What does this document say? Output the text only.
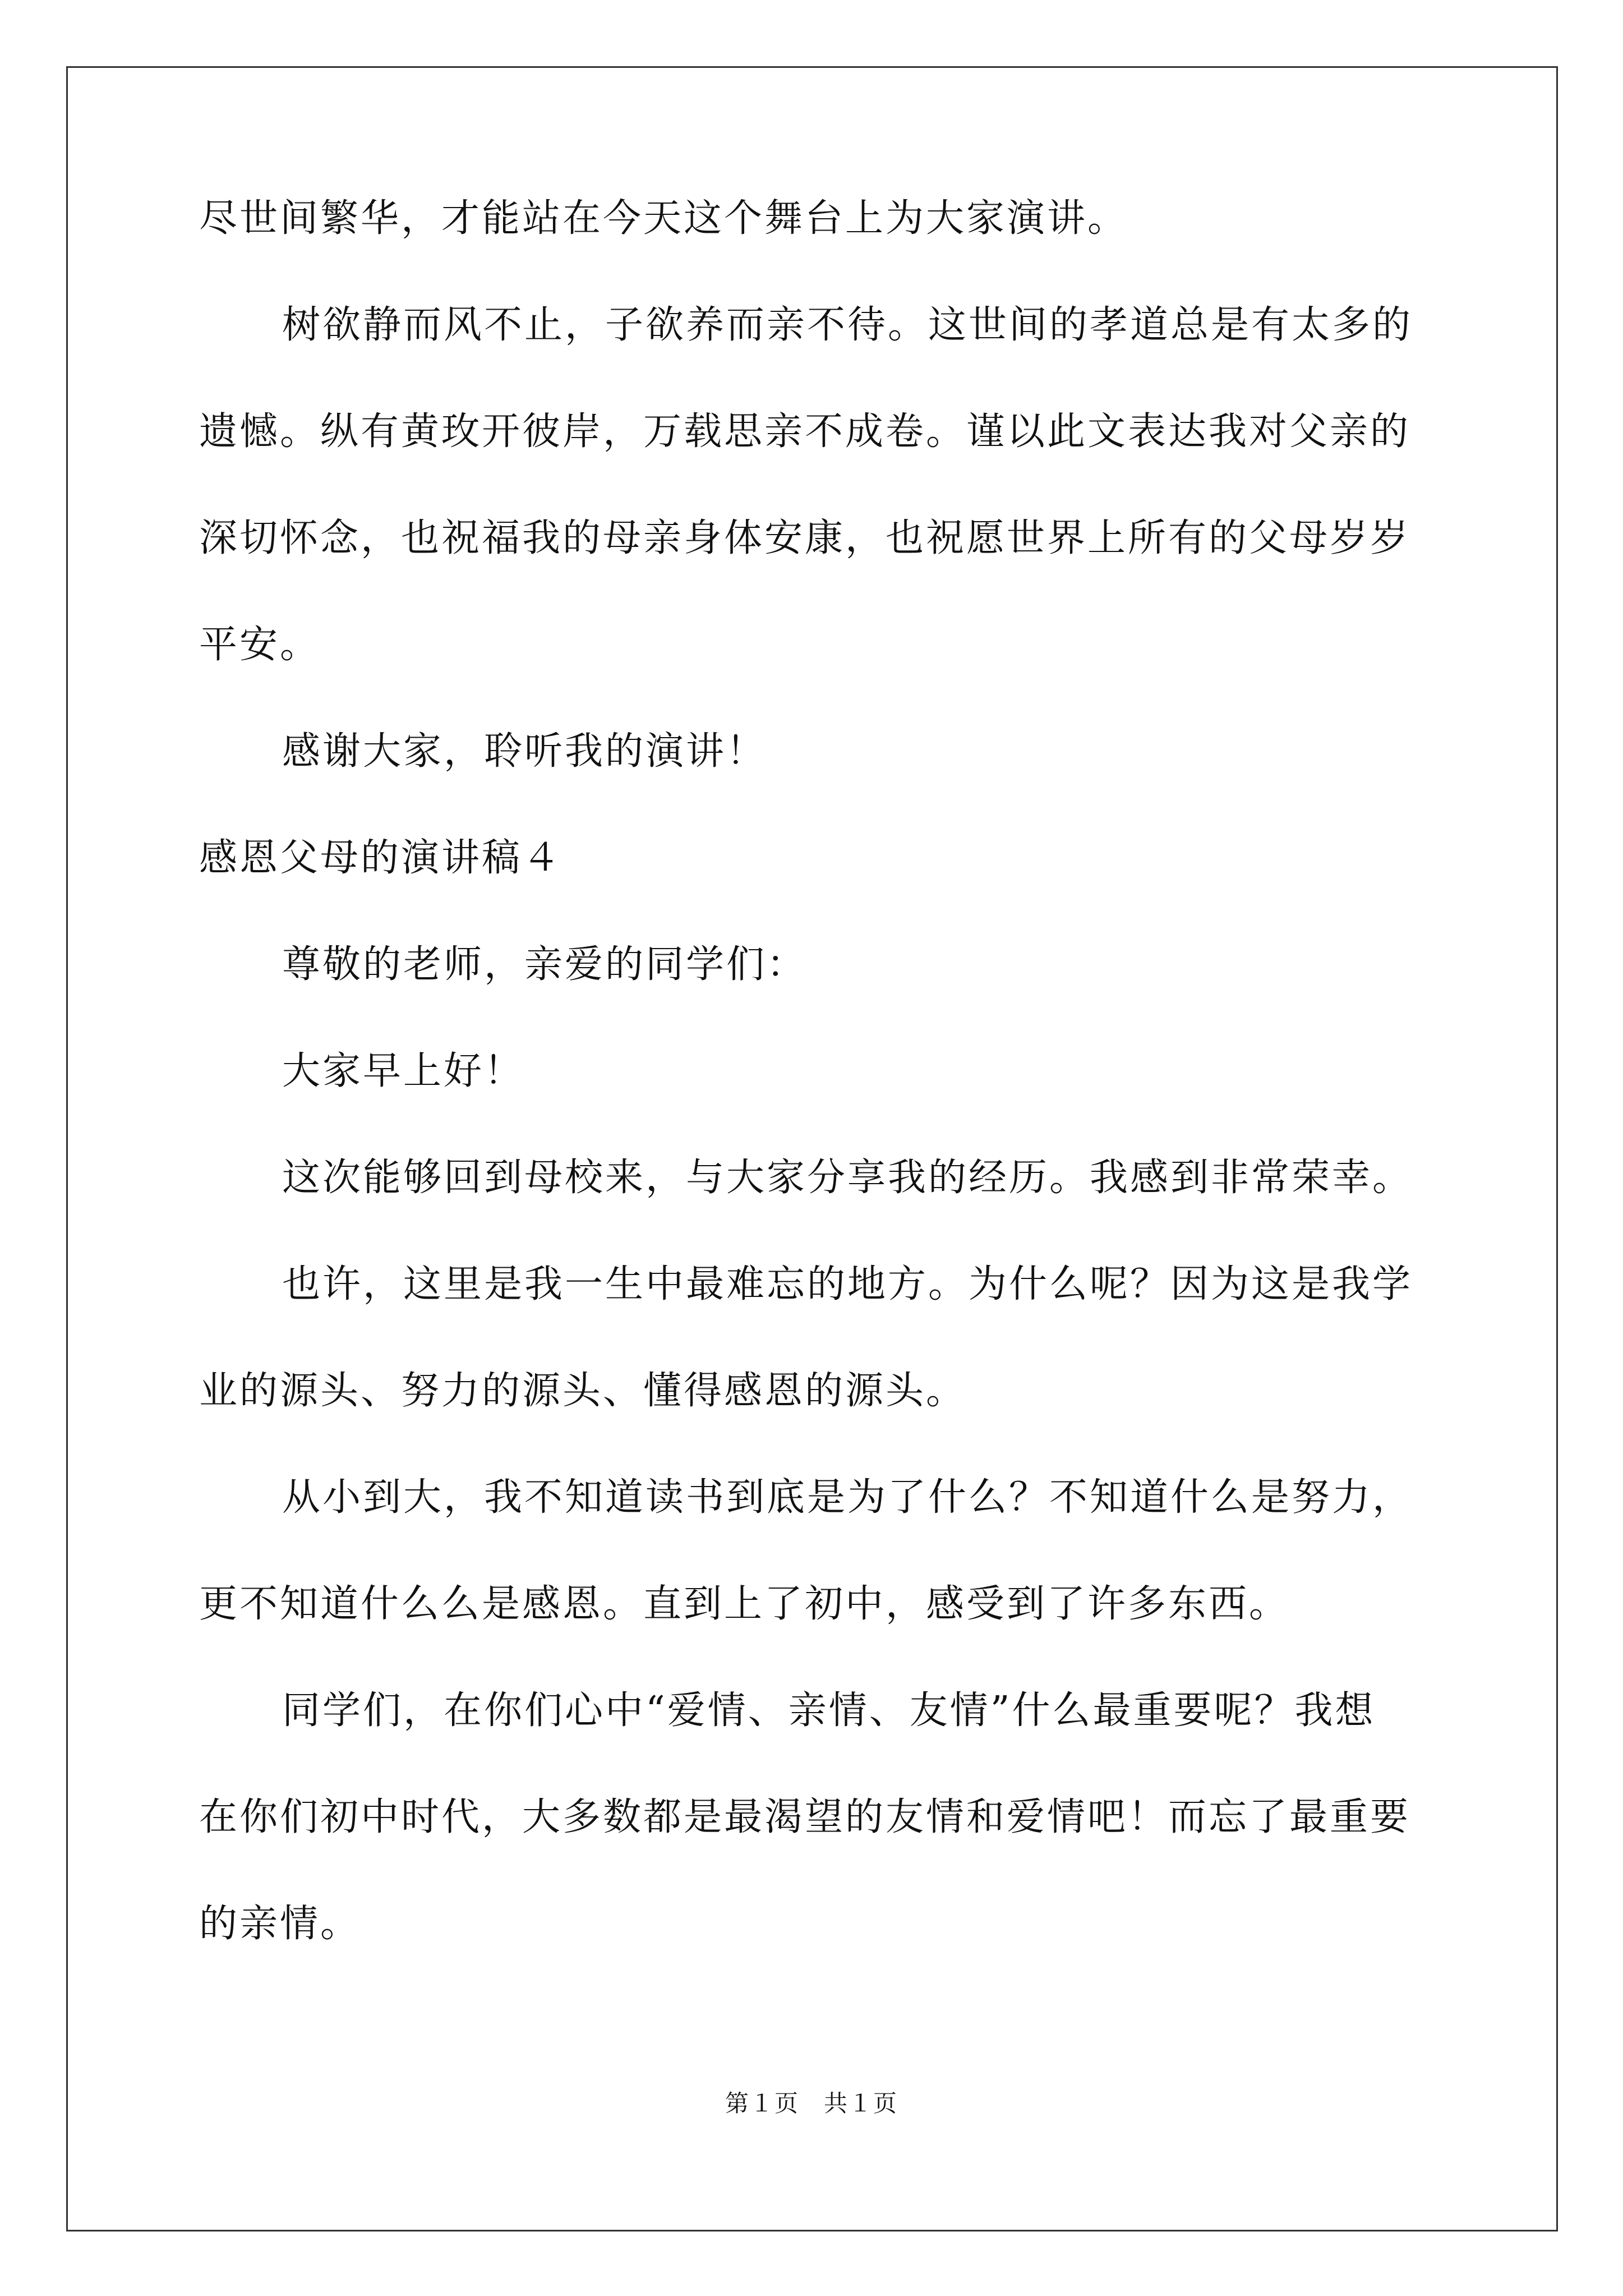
尽世间繁华，才能站在今天这个舞台上为大家演讲。
树欲静而风不止，子欲养而亲不待。这世间的孝道总是有太多的
遗憾。纵有黄玫开彼岸，万载思亲不成卷。谨以此文表达我对父亲的
深切怀念，也祝福我的母亲身体安康，也祝愿世界上所有的父母岁岁
平安。
感谢大家，聆听我的演讲！
感恩父母的演讲稿４
尊敬的老师，亲爱的同学们：
大家早上好！
这次能够回到母校来，与大家分享我的经历。我感到非常荣幸。
也许，这里是我一生中最难忘的地方。为什么呢？因为这是我学
业的源头、努力的源头、懂得感恩的源头。
从小到大，我不知道读书到底是为了什么？不知道什么是努力，
更不知道什么么是感恩。直到上了初中，感受到了许多东西。
同学们，在你们心中“爱情、亲情、友情”什么最重要呢？我想
在你们初中时代，大多数都是最渴望的友情和爱情吧！而忘了最重要
的亲情。
第１页　共１页
